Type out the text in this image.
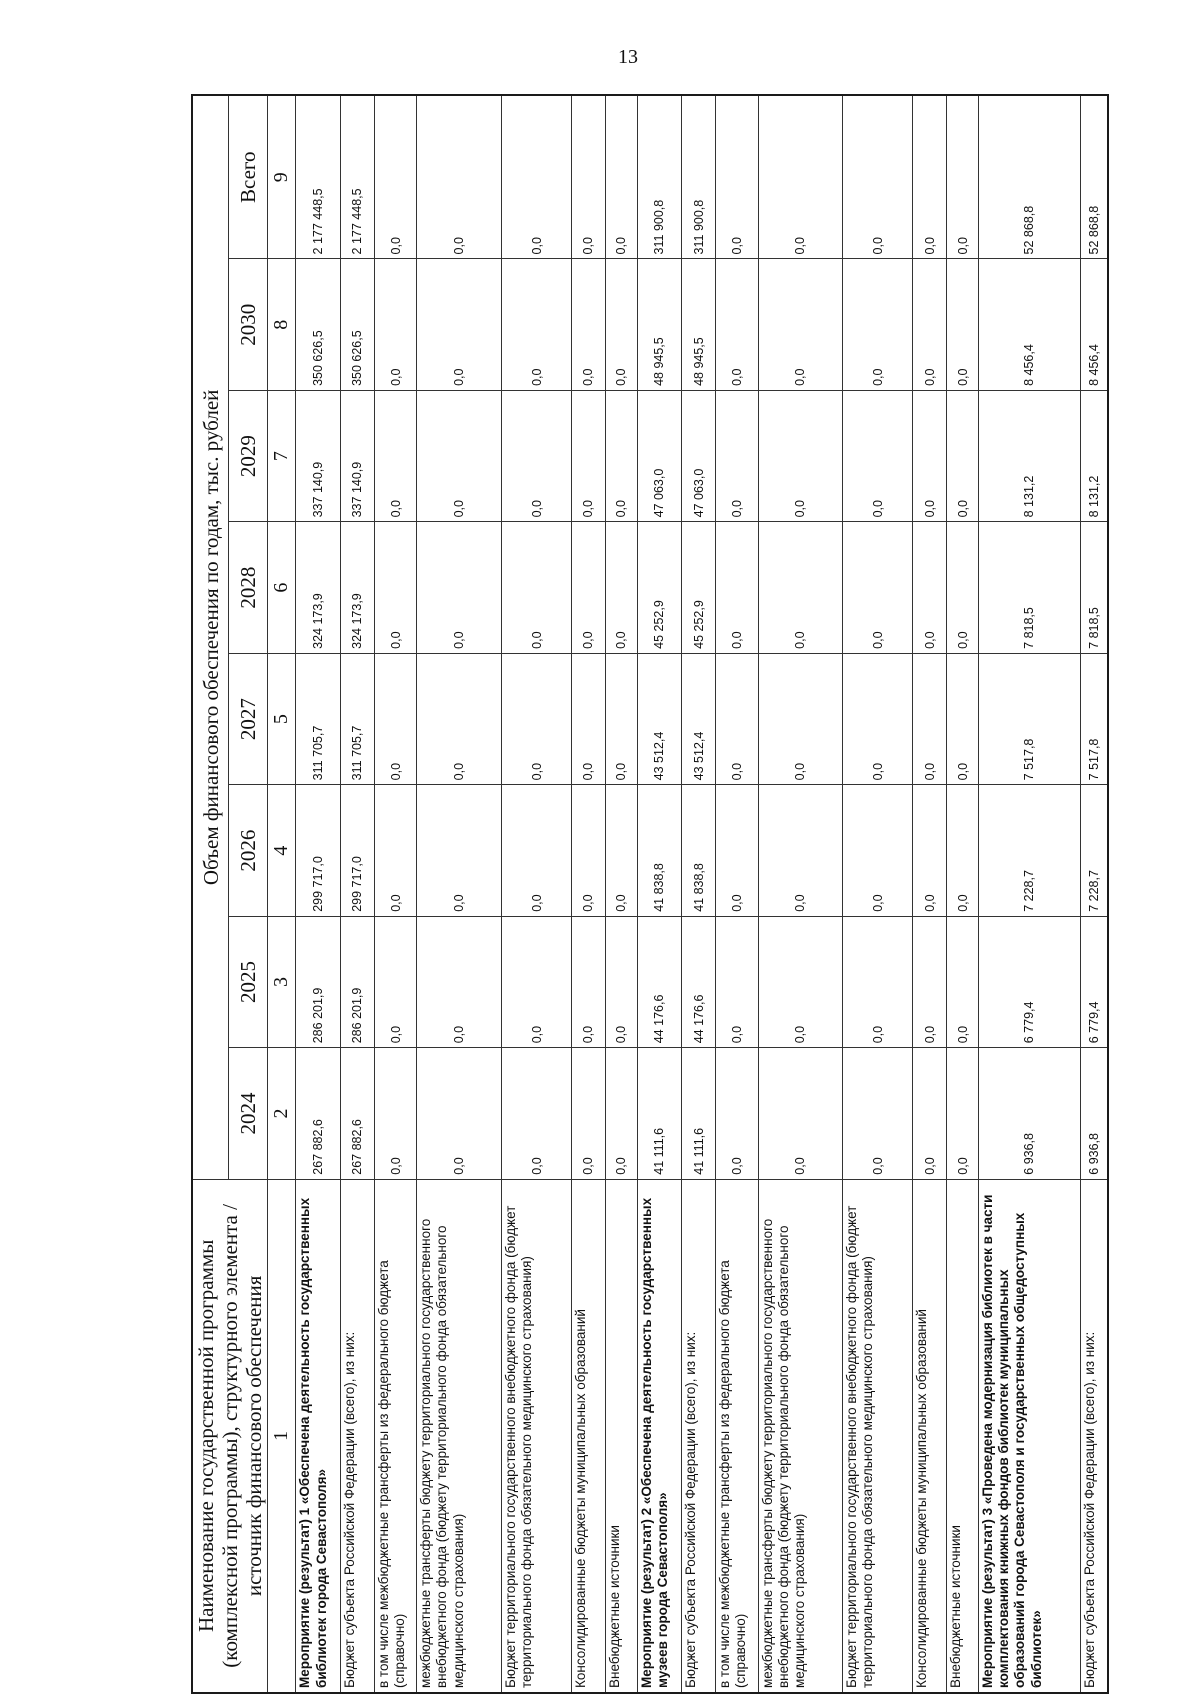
13
Наименование государственной программы (комплексной программы), структурного элемента / источник финансового обеспечения	Объем финансового обеспечения по годам, тыс. рублей							
	2024	2025	2026	2027	2028	2029	2030	Всего
1	2	3	4	5	6	7	8	9
Мероприятие (результат) 1 «Обеспечена деятельность государственных библиотек города Севастополя»	267 882,6	286 201,9	299 717,0	311 705,7	324 173,9	337 140,9	350 626,5	2 177 448,5
Бюджет субъекта Российской Федерации (всего), из них:	267 882,6	286 201,9	299 717,0	311 705,7	324 173,9	337 140,9	350 626,5	2 177 448,5
в том числе межбюджетные трансферты из федерального бюджета (справочно)	0,0	0,0	0,0	0,0	0,0	0,0	0,0	0,0
межбюджетные трансферты бюджету территориального государственного внебюджетного фонда (бюджету территориального фонда обязательного медицинского страхования)	0,0	0,0	0,0	0,0	0,0	0,0	0,0	0,0
Бюджет территориального государственного внебюджетного фонда (бюджет территориального фонда обязательного медицинского страхования)	0,0	0,0	0,0	0,0	0,0	0,0	0,0	0,0
Консолидированные бюджеты муниципальных образований	0,0	0,0	0,0	0,0	0,0	0,0	0,0	0,0
Внебюджетные источники	0,0	0,0	0,0	0,0	0,0	0,0	0,0	0,0
Мероприятие (результат) 2 «Обеспечена деятельность государственных музеев города Севастополя»	41 111,6	44 176,6	41 838,8	43 512,4	45 252,9	47 063,0	48 945,5	311 900,8
Бюджет субъекта Российской Федерации (всего), из них:	41 111,6	44 176,6	41 838,8	43 512,4	45 252,9	47 063,0	48 945,5	311 900,8
в том числе межбюджетные трансферты из федерального бюджета (справочно)	0,0	0,0	0,0	0,0	0,0	0,0	0,0	0,0
межбюджетные трансферты бюджету территориального государственного внебюджетного фонда (бюджету территориального фонда обязательного медицинского страхования)	0,0	0,0	0,0	0,0	0,0	0,0	0,0	0,0
Бюджет территориального государственного внебюджетного фонда (бюджет территориального фонда обязательного медицинского страхования)	0,0	0,0	0,0	0,0	0,0	0,0	0,0	0,0
Консолидированные бюджеты муниципальных образований	0,0	0,0	0,0	0,0	0,0	0,0	0,0	0,0
Внебюджетные источники	0,0	0,0	0,0	0,0	0,0	0,0	0,0	0,0
Мероприятие (результат) 3 «Проведена модернизация библиотек в части комплектования книжных фондов библиотек муниципальных образований города Севастополя и государственных общедоступных библиотек»	6 936,8	6 779,4	7 228,7	7 517,8	7 818,5	8 131,2	8 456,4	52 868,8
Бюджет субъекта Российской Федерации (всего), из них:	6 936,8	6 779,4	7 228,7	7 517,8	7 818,5	8 131,2	8 456,4	52 868,8
